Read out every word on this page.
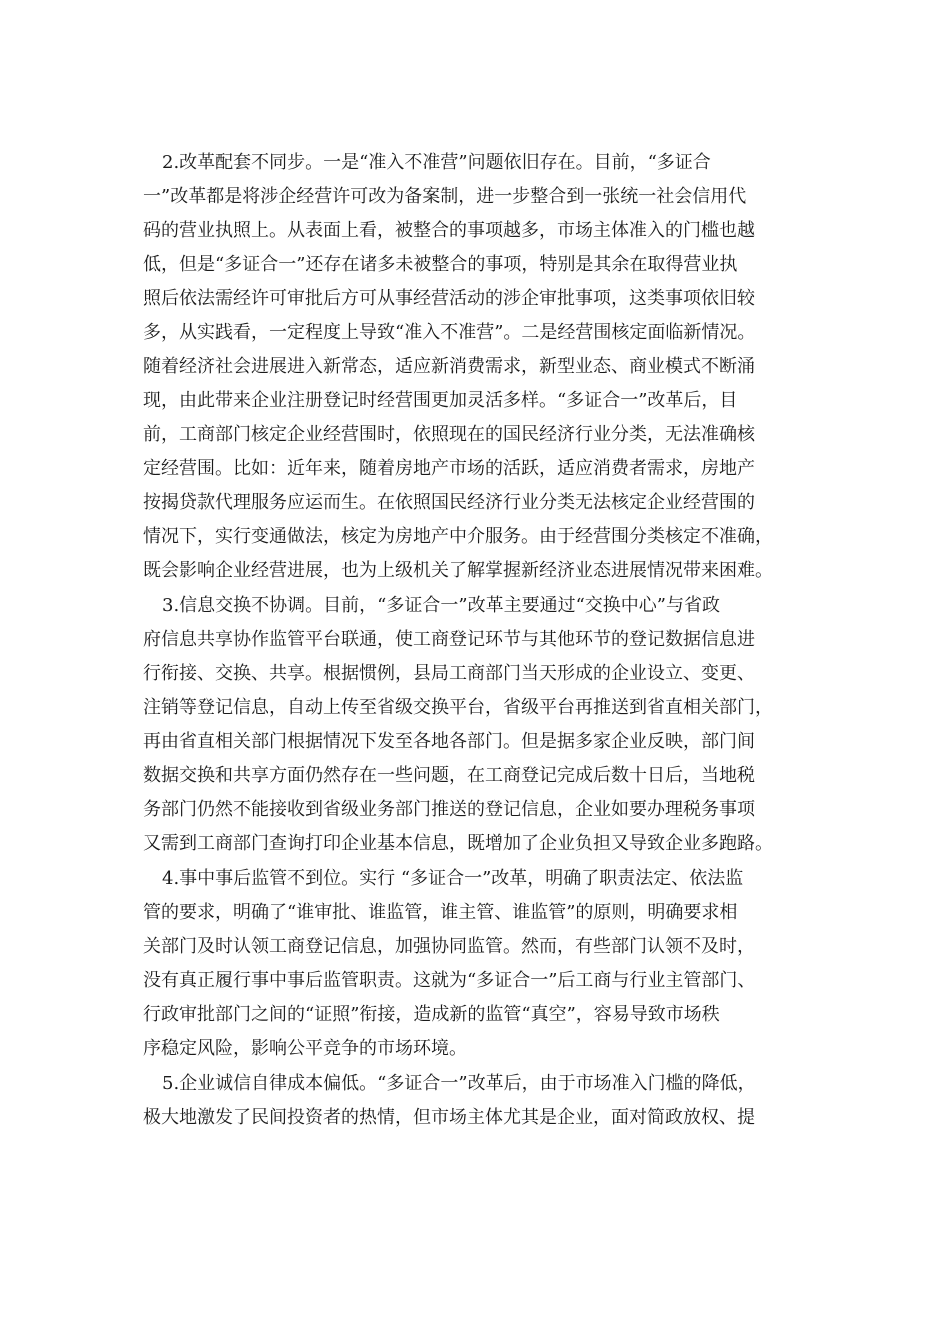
2.改革配套不同步。一是“准入不准营”问题依旧存在。目前，“多证合
一”改革都是将涉企经营许可改为备案制，进一步整合到一张统一社会信用代
码的营业执照上。从表面上看，被整合的事项越多，市场主体准入的门槛也越
低，但是“多证合一”还存在诸多未被整合的事项，特别是其余在取得营业执
照后依法需经许可审批后方可从事经营活动的涉企审批事项，这类事项依旧较
多，从实践看，一定程度上导致“准入不准营”。二是经营围核定面临新情况。
随着经济社会进展进入新常态，适应新消费需求，新型业态、商业模式不断涌
现，由此带来企业注册登记时经营围更加灵活多样。“多证合一”改革后，目
前，工商部门核定企业经营围时，依照现在的国民经济行业分类，无法准确核
定经营围。比如：近年来，随着房地产市场的活跃，适应消费者需求，房地产
按揭贷款代理服务应运而生。在依照国民经济行业分类无法核定企业经营围的
情况下，实行变通做法，核定为房地产中介服务。由于经营围分类核定不准确，
既会影响企业经营进展，也为上级机关了解掌握新经济业态进展情况带来困难。
3.信息交换不协调。目前，“多证合一”改革主要通过“交换中心”与省政
府信息共享协作监管平台联通，使工商登记环节与其他环节的登记数据信息进
行衔接、交换、共享。根据惯例，县局工商部门当天形成的企业设立、变更、
注销等登记信息，自动上传至省级交换平台，省级平台再推送到省直相关部门，
再由省直相关部门根据情况下发至各地各部门。但是据多家企业反映，部门间
数据交换和共享方面仍然存在一些问题，在工商登记完成后数十日后，当地税
务部门仍然不能接收到省级业务部门推送的登记信息，企业如要办理税务事项
又需到工商部门查询打印企业基本信息，既增加了企业负担又导致企业多跑路。
4.事中事后监管不到位。实行 “多证合一”改革，明确了职责法定、依法监
管的要求，明确了“谁审批、谁监管，谁主管、谁监管”的原则，明确要求相
关部门及时认领工商登记信息，加强协同监管。然而，有些部门认领不及时，
没有真正履行事中事后监管职责。这就为“多证合一”后工商与行业主管部门、
行政审批部门之间的“证照”衔接，造成新的监管“真空”，容易导致市场秩
序稳定风险，影响公平竞争的市场环境。
5.企业诚信自律成本偏低。“多证合一”改革后，由于市场准入门槛的降低，
极大地激发了民间投资者的热情，但市场主体尤其是企业，面对简政放权、提
